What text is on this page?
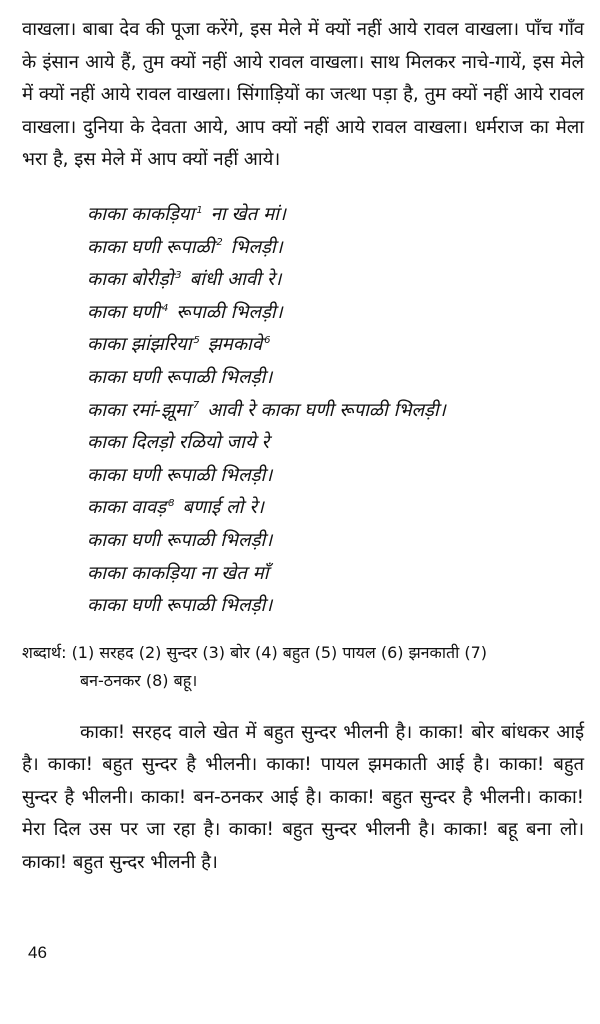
वाखला। बाबा देव की पूजा करेंगे, इस मेले में क्यों नहीं आये रावल वाखला। पाँच गाँव के इंसान आये हैं, तुम क्यों नहीं आये रावल वाखला। साथ मिलकर नाचे-गायें, इस मेले में क्यों नहीं आये रावल वाखला। सिंगाड़ियों का जत्था पड़ा है, तुम क्यों नहीं आये रावल वाखला। दुनिया के देवता आये, आप क्यों नहीं आये रावल वाखला। धर्मराज का मेला भरा है, इस मेले में आप क्यों नहीं आये।

काका काकड़िया $^1$ ना खेत मां।
काका घणी रूपाळी $^2$ भिलड़ी।
काका बोरीड़ो $^3$ बांधी आवी रे।
काका घणी $^4$ रूपाळी भिलड़ी।
काका झांझरिया $^5$ झमकावे $^6$
काका घणी रूपाळी भिलड़ी।
काका रमां-झूमा $^7$ आवी रे काका घणी रूपाळी भिलड़ी।
काका दिलड़ो रळियो जाये रे
काका घणी रूपाळी भिलड़ी।
काका वावड़ $^8$ बणाई लो रे।
काका घणी रूपाळी भिलड़ी।
काका काकड़िया ना खेत माँ
काका घणी रूपाळी भिलड़ी।
शब्दार्थ: (1) सरहद (2) सुन्दर (3) बोर (4) बहुत (5) पायल (6) झनकाती (7)
बन-ठनकर (8) बहू।

काका! सरहद वाले खेत में बहुत सुन्दर भीलनी है। काका! बोर बांधकर आई है। काका! बहुत सुन्दर है भीलनी। काका! पायल झमकाती आई है। काका! बहुत सुन्दर है भीलनी। काका! बन-ठनकर आई है। काका! बहुत सुन्दर है भीलनी। काका! मेरा दिल उस पर जा रहा है। काका! बहुत सुन्दर भीलनी है। काका! बहू बना लो। काका! बहुत सुन्दर भीलनी है।

46
